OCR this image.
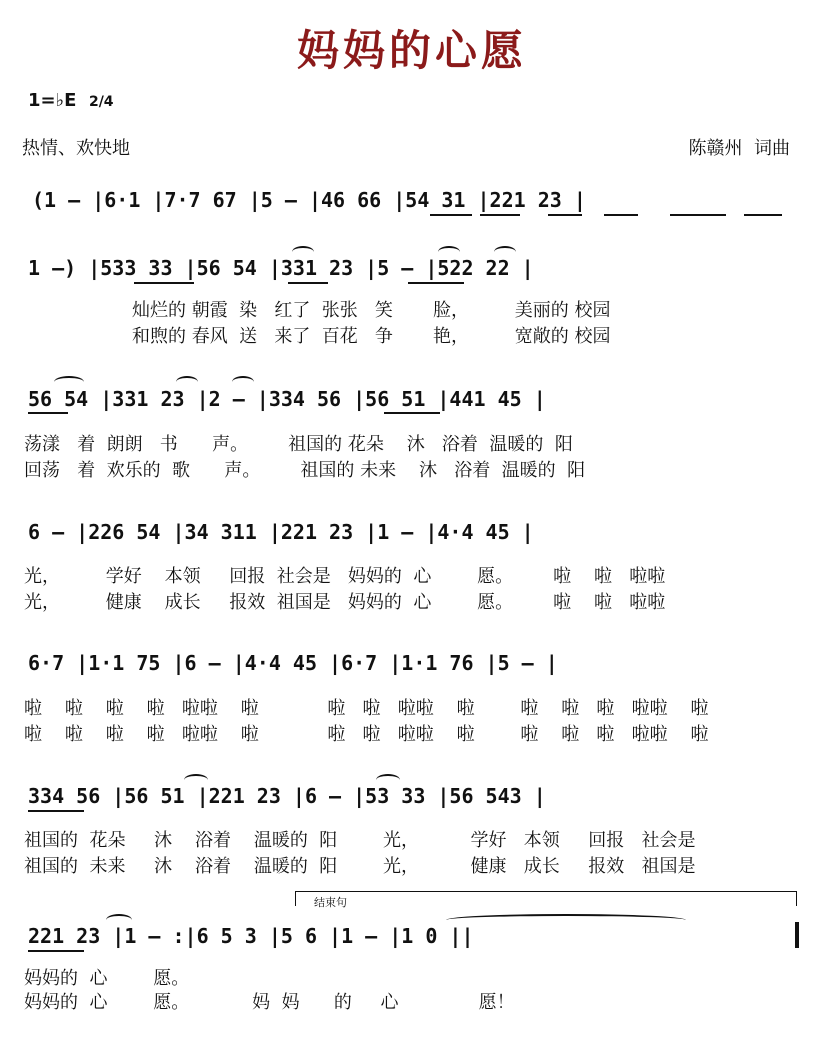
妈妈的心愿
1=♭E 2/4
热情、欢快地	陈赣州  词曲
(1 — |6·1 |7·7 67 |5 — |46 66 |54 31 |221 23 |
1 —) |533 33 |56 54 |331 23 |5 — |522 22 |
灿烂的 朝霞  染   红了  张张   笑       脸，        美丽的 校园
和煦的 春风  送   来了  百花   争       艳，        宽敞的 校园
56 54 |331 23 |2 — |334 56 |56 51 |441 45 |
荡漾   着  朗朗   书      声。       祖国的 花朵    沐   浴着  温暖的  阳
回荡   着  欢乐的  歌      声。       祖国的 未来    沐   浴着  温暖的  阳
6 — |226 54 |34 311 |221 23 |1 — |4·4 45 |
光，        学好    本领     回报  社会是   妈妈的  心        愿。       啦    啦   啦啦
光，        健康    成长     报效  祖国是   妈妈的  心        愿。       啦    啦   啦啦
6·7 |1·1 75 |6 — |4·4 45 |6·7 |1·1 76 |5 — |
啦    啦    啦    啦   啦啦    啦            啦   啦   啦啦    啦        啦    啦   啦   啦啦    啦
啦    啦    啦    啦   啦啦    啦            啦   啦   啦啦    啦        啦    啦   啦   啦啦    啦
334 56 |56 51 |221 23 |6 — |53 33 |56 543 |
祖国的  花朵     沐    浴着    温暖的  阳        光，         学好   本领     回报   社会是
祖国的  未来     沐    浴着    温暖的  阳        光，         健康   成长     报效   祖国是
结束句
221 23 |1 — :|6 5 3 |5 6 |1 — |1 0 ||
妈妈的  心        愿。
妈妈的  心        愿。           妈  妈      的     心              愿！
